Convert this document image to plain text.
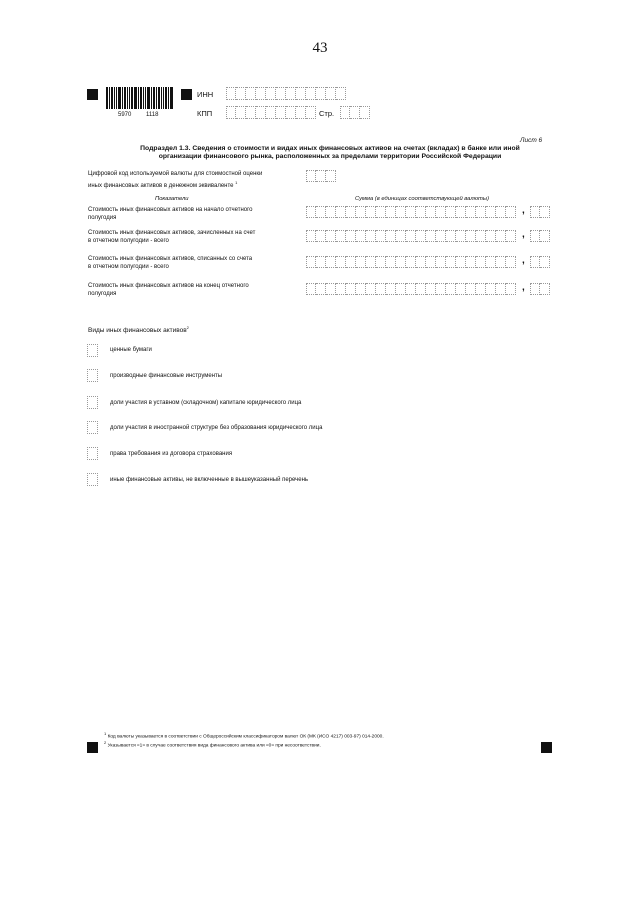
43
5970 1118
ИНН
КПП	Стр.
Лист 6
Подраздел 1.3. Сведения о стоимости и видах иных финансовых активов на счетах (вкладах) в банке или иной
организации финансового рынка, расположенных за пределами территории Российской Федерации
Цифровой код используемой валюты для стоимостной оценки
иных финансовых активов в денежном эквиваленте $^1$
Показатели	Сумма (в единицах соответствующей валюты)
Стоимость иных финансовых активов на начало отчетного
полугодия
,
Стоимость иных финансовых активов, зачисленных на счет
в отчетном полугодии - всего
,
Стоимость иных финансовых активов, списанных со счета
в отчетном полугодии - всего
,
Стоимость иных финансовых активов на конец отчетного
полугодия
,
Виды иных финансовых активов$^2$
ценные бумаги
производные финансовые инструменты
доли участия в уставном (складочном) капитале юридического лица
доли участия в иностранной структуре без образования юридического лица
права требования из договора страхования
иные финансовые активы, не включенные в вышеуказанный перечень
$^1$ Код валюты указывается в соответствии с Общероссийским классификатором валют ОК (МК (ИСО 4217) 003-97) 014-2000.
$^2$ Указывается «1» в случае соответствия вида финансового актива или «0» при несоответствии.
